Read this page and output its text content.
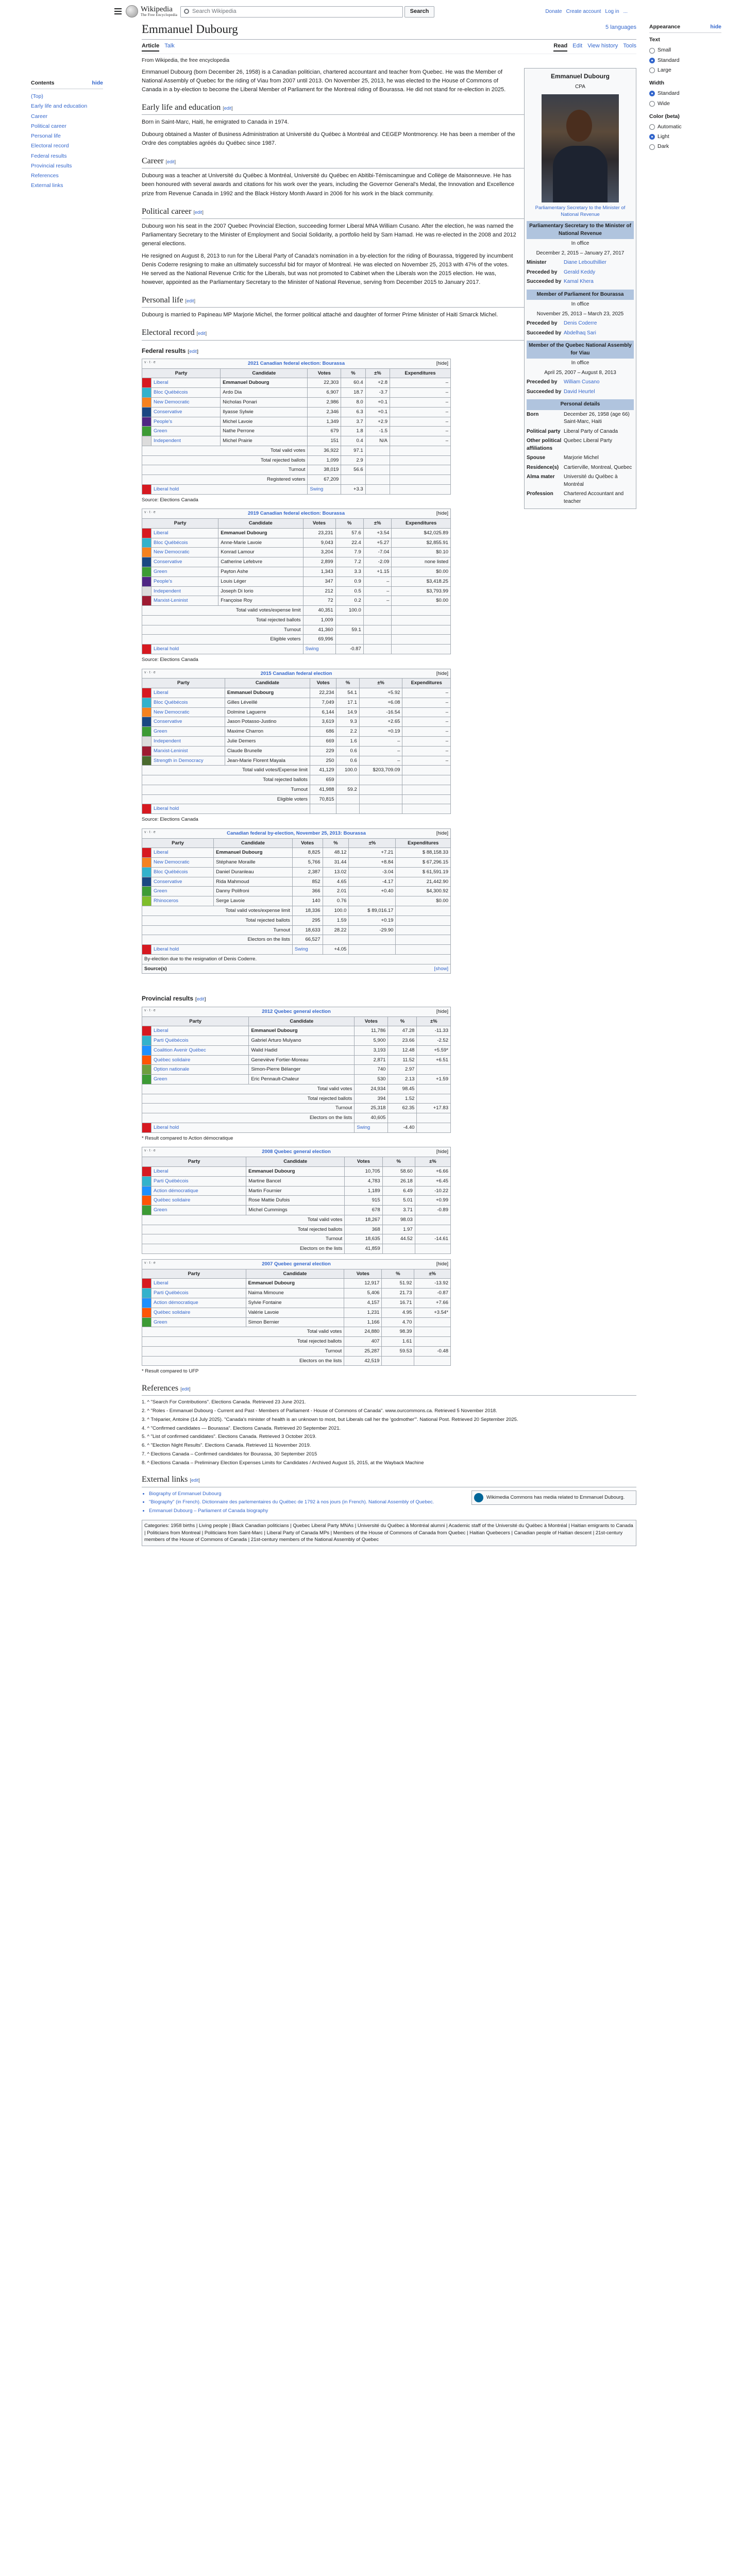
Wikipedia
The Free Encyclopedia
Search Wikipedia	Search	Donate Create account Log in ...
Contents	hide
(Top)
Early life and education
Career
Political career
Personal life
Electoral record
Federal results
Provincial results
References
External links
Appearance	hide
Text
Small
Standard
Large
Width
Standard
Wide
Color (beta)
Automatic
Light
Dark
Emmanuel Dubourg	5 languages
Article Talk	Read Edit View history Tools
From Wikipedia, the free encyclopedia
Emmanuel Dubourg
CPA
Parliamentary Secretary to the Minister of National Revenue
Parliamentary Secretary to the Minister of National Revenue
In office
December 2, 2015 – January 27, 2017
Minister	Diane Lebouthillier
Preceded by	Gerald Keddy
Succeeded by Kamal Khera
Member of Parliament for Bourassa
In office
November 25, 2013 – March 23, 2025
Preceded by	Denis Coderre
Succeeded by Abdelhaq Sari
Member of the Quebec National Assembly for Viau
In office
April 25, 2007 – August 8, 2013
Preceded by	William Cusano
Succeeded by David Heurtel
Personal details
Born	December 26, 1958 (age 66) Saint-Marc, Haiti
Political party Liberal Party of Canada
Other political affiliations
Quebec Liberal Party
Spouse	Marjorie Michel
Residence(s) Cartierville, Montreal, Quebec
Alma mater	Université du Québec à Montréal
Profession	Chartered Accountant and teacher

Emmanuel Dubourg (born December 26, 1958) is a Canadian politician, chartered accountant and teacher from Quebec. He was the Member of National Assembly of Quebec for the riding of Viau from 2007 until 2013. On November 25, 2013, he was elected to the House of Commons of Canada in a by-election to become the Liberal Member of Parliament for the Montreal riding of Bourassa. He did not stand for re-election in 2025.

Early life and education [edit]

Born in Saint-Marc, Haiti, he emigrated to Canada in 1974.

Dubourg obtained a Master of Business Administration at Université du Québec à Montréal and CEGEP Montmorency. He has been a member of the Ordre des comptables agréés du Québec since 1987.

Career [edit]

Dubourg was a teacher at Université du Québec à Montréal, Université du Québec en Abitibi-Témiscamingue and Collège de Maisonneuve. He has been honoured with several awards and citations for his work over the years, including the Governor General's Medal, the Innovation and Excellence prize from Revenue Canada in 1992 and the Black History Month Award in 2006 for his work in the black community.

Political career [edit]

Dubourg won his seat in the 2007 Quebec Provincial Election, succeeding former Liberal MNA William Cusano. After the election, he was named the Parliamentary Secretary to the Minister of Employment and Social Solidarity, a portfolio held by Sam Hamad. He was re-elected in the 2008 and 2012 general elections.

He resigned on August 8, 2013 to run for the Liberal Party of Canada's nomination in a by-election for the riding of Bourassa, triggered by incumbent Denis Coderre resigning to make an ultimately successful bid for mayor of Montreal. He was elected on November 25, 2013 with 47% of the votes. He served as the National Revenue Critic for the Liberals, but was not promoted to Cabinet when the Liberals won the 2015 election. He was, however, appointed as the Parliamentary Secretary to the Minister of National Revenue, serving from December 2015 to January 2017.

Personal life [edit]

Dubourg is married to Papineau MP Marjorie Michel, the former political attaché and daughter of former Prime Minister of Haiti Smarck Michel.

Electoral record [edit]
Federal results [edit]
v · t · e 2021 Canadian federal election: Bourassa [hide]						

Party		Candidate	Votes	%	±%	Expenditures
	Liberal	Emmanuel Dubourg	22,303	60.4	+2.8	–
	Bloc Québécois	Ardo Dia	6,907	18.7	-3.7	–
	New Democratic	Nicholas Ponari	2,986	8.0	+0.1	–
	Conservative	Ilyasse Sylwie	2,346	6.3	+0.1	–
	People's	Michel Lavoie	1,349	3.7	+2.9	–
	Green	Nathe Perrone	679	1.8	-1.5	–
	Independent	Michel Prairie	151	0.4	N/A	–
Total valid votes			36,922	97.1		
Total rejected ballots			1,099	2.9		
Turnout			38,019	56.6		
Registered voters			67,209			
	Liberal hold		Swing	+3.3		
Source: Elections Canada
v · t · e 2019 Canadian federal election: Bourassa [hide]						

Party		Candidate	Votes	%	±%	Expenditures
	Liberal	Emmanuel Dubourg	23,231	57.6	+3.54	$42,025.89
	Bloc Québécois	Anne-Marie Lavoie	9,043	22.4	+5.27	$2,855.91
	New Democratic	Konrad Lamour	3,204	7.9	-7.04	$0.10
	Conservative	Catherine Lefebvre	2,899	7.2	-2.09	none listed
	Green	Payton Ashe	1,343	3.3	+1.15	$0.00
	People's	Louis Léger	347	0.9	–	$3,418.25
	Independent	Joseph Di Iorio	212	0.5	–	$3,793.99
	Marxist-Leninist	Françoise Roy	72	0.2	–	$0.00
Total valid votes/expense limit			40,351	100.0		
Total rejected ballots			1,009			
Turnout			41,360	59.1		
Eligible voters			69,996			
	Liberal hold		Swing	-0.87		
Source: Elections Canada
v · t · e 2015 Canadian federal election [hide]						

Party		Candidate	Votes	%	±%	Expenditures
	Liberal	Emmanuel Dubourg	22,234	54.1	+5.92	–
	Bloc Québécois	Gilles Léveillé	7,049	17.1	+6.08	–
	New Democratic	Dolmine Laguerre	6,144	14.9	-16.54	–
	Conservative	Jason Potasso-Justino	3,619	9.3	+2.65	–
	Green	Maxime Charron	686	2.2	+0.19	–
	Independent	Julie Demers	669	1.6	–	–
	Marxist-Leninist	Claude Brunelle	229	0.6	–	–
	Strength in Democracy	Jean-Marie Florent Mayala	250	0.6	–	–
Total valid votes/Expense limit			41,129	100.0	$203,709.09	
Total rejected ballots			659			
Turnout			41,988	59.2		
Eligible voters			70,815			
	Liberal hold					
Source: Elections Canada
v · t · e Canadian federal by-election, November 25, 2013: Bourassa [hide]						

Party		Candidate	Votes	%	±%	Expenditures
	Liberal	Emmanuel Dubourg	8,825	48.12	+7.21	$ 88,158.33
	New Democratic	Stéphane Moraille	5,766	31.44	+8.84	$ 67,296.15
	Bloc Québécois	Daniel Duranleau	2,387	13.02	-3.04	$ 61,591.19
	Conservative	Rida Mahmoud	852	4.65	-4.17	21,442.90
	Green	Danny Polifroni	366	2.01	+0.40	$4,300.92
	Rhinoceros	Serge Lavoie	140	0.76		$0.00
Total valid votes/expense limit			18,336	100.0	$ 89,016.17	
Total rejected ballots			295	1.59	+0.19	
Turnout			18,633	28.22	-29.90	
Electors on the lists			66,527			
	Liberal hold		Swing	+4.05		
By-election due to the resignation of Denis Coderre.						
Source(s) [show]						
Provincial results [edit]
v · t · e 2012 Quebec general election [hide]					

Party		Candidate	Votes	%	±%
	Liberal	Emmanuel Dubourg	11,786	47.28	-11.33
	Parti Québécois	Gabriel Arturo Mulyano	5,900	23.66	-2.52
	Coalition Avenir Québec	Walid Hadid	3,193	12.48	+5.59*
	Québec solidaire	Geneviève Fortier-Moreau	2,871	11.52	+6.51
	Option nationale	Simon-Pierre Bélanger	740	2.97	
	Green	Eric Pennault-Chaleur	530	2.13	+1.59
Total valid votes			24,934	98.45	
Total rejected ballots			394	1.52	
Turnout			25,318	62.35	+17.83
Electors on the lists			40,605		
	Liberal hold		Swing	-4.40	
* Result compared to Action démocratique
v · t · e 2008 Quebec general election [hide]					

Party		Candidate	Votes	%	±%
	Liberal	Emmanuel Dubourg	10,705	58.60	+6.66
	Parti Québécois	Martine Bancel	4,783	26.18	+6.45
	Action démocratique	Martin Fournier	1,189	6.49	-10.22
	Québec solidaire	Rose Mattie Dufois	915	5.01	+0.99
	Green	Michel Cummings	678	3.71	-0.89
Total valid votes			18,267	98.03	
Total rejected ballots			368	1.97	
Turnout			18,635	44.52	-14.61
Electors on the lists			41,859		
v · t · e 2007 Quebec general election [hide]					

Party		Candidate	Votes	%	±%
	Liberal	Emmanuel Dubourg	12,917	51.92	-13.92
	Parti Québécois	Naima Mimoune	5,406	21.73	-0.87
	Action démocratique	Sylvie Fontaine	4,157	16.71	+7.66
	Québec solidaire	Valérie Lavoie	1,231	4.95	+3.54*
	Green	Simon Bernier	1,166	4.70	
Total valid votes			24,880	98.39	
Total rejected ballots			407	1.61	
Turnout			25,287	59.53	-0.48
Electors on the lists			42,519		
* Result compared to UFP
References [edit]
1. ^ "Search For Contributions". Elections Canada. Retrieved 23 June 2021.
2. ^ "Roles - Emmanuel Dubourg - Current and Past - Members of Parliament - House of Commons of Canada". www.ourcommons.ca. Retrieved 5 November 2018.
3. ^ Tréparier, Antoine (14 July 2025). "Canada's minister of health is an unknown to most, but Liberals call her the 'godmother'". National Post. Retrieved 20 September 2025.
4. ^ "Confirmed candidates — Bourassa". Elections Canada. Retrieved 20 September 2021.
5. ^ "List of confirmed candidates". Elections Canada. Retrieved 3 October 2019.
6. ^ "Election Night Results". Elections Canada. Retrieved 11 November 2019.
7. ^ Elections Canada – Confirmed candidates for Bourassa, 30 September 2015
8. ^ Elections Canada – Preliminary Election Expenses Limits for Candidates / Archived August 15, 2015, at the Wayback Machine
External links [edit]
Wikimedia Commons has media related to Emmanuel Dubourg.
• Biography of Emmanuel Dubourg
• "Biography" (in French). Dictionnaire des parlementaires du Québec de 1792 à nos jours (in French). National Assembly of Quebec.
• Emmanuel Dubourg – Parliament of Canada biography
Categories: 1958 births | Living people | Black Canadian politicians | Quebec Liberal Party MNAs | Université du Québec à Montréal alumni | Academic staff of the Université du Québec à Montréal | Haitian emigrants to Canada | Politicians from Montreal | Politicians from Saint-Marc | Liberal Party of Canada MPs | Members of the House of Commons of Canada from Quebec | Haitian Quebecers | Canadian people of Haitian descent | 21st-century members of the House of Commons of Canada | 21st-century members of the National Assembly of Quebec
